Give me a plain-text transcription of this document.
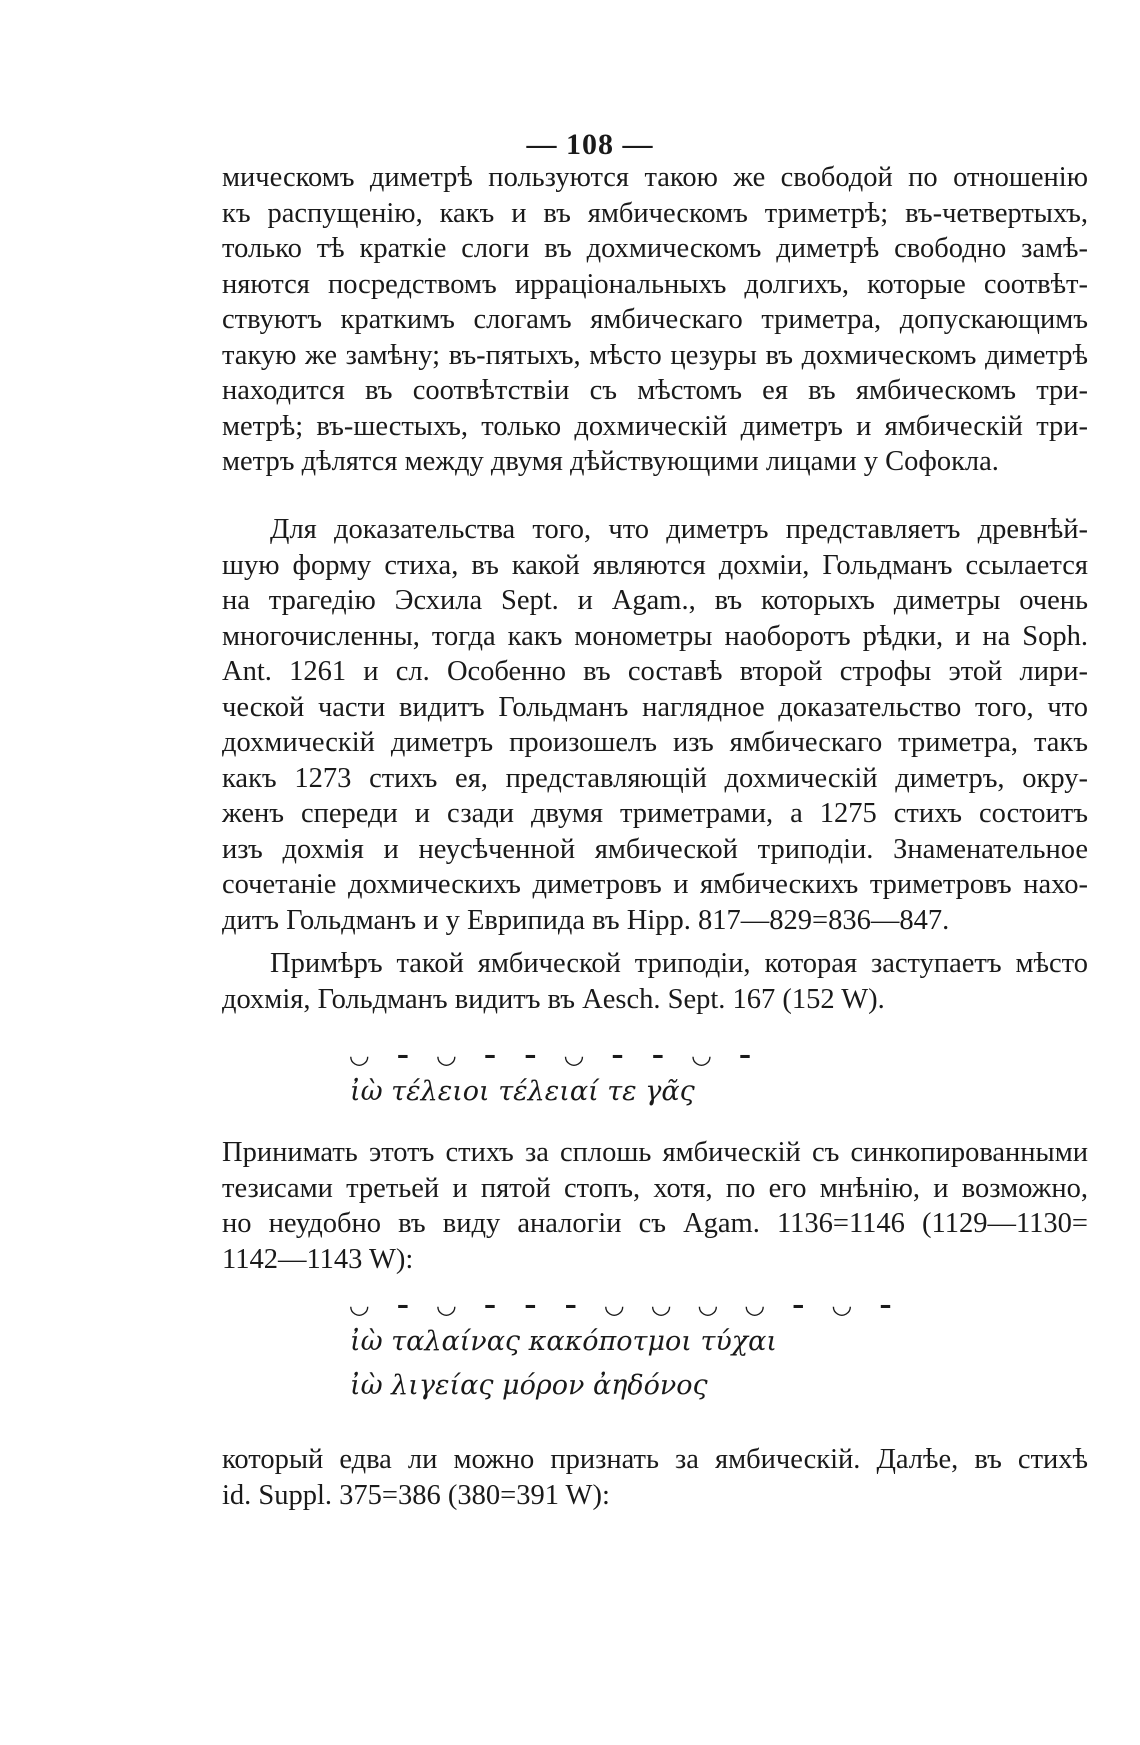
— 108 —
мическомъ диметрѣ пользуются такою же свободой по отношенію
къ распущенію, какъ и въ ямбическомъ триметрѣ; въ-четвертыхъ,
только тѣ краткіе слоги въ дохмическомъ диметрѣ свободно замѣ-
няются посредствомъ ирраціональныхъ долгихъ, которые соотвѣт-
ствуютъ краткимъ слогамъ ямбическаго триметра, допускающимъ
такую же замѣну; въ-пятыхъ, мѣсто цезуры въ дохмическомъ диметрѣ
находится въ соотвѣтствіи съ мѣстомъ ея въ ямбическомъ три-
метрѣ; въ-шестыхъ, только дохмическій диметръ и ямбическій три-
метръ дѣлятся между двумя дѣйствующими лицами у Софокла.
Для доказательства того, что диметръ представляетъ древнѣй-
шую форму стиха, въ какой являются дохміи, Гольдманъ ссылается
на трагедію Эсхила Sept. и Agam., въ которыхъ диметры очень
многочисленны, тогда какъ монометры наоборотъ рѣдки, и на Soph.
Ant. 1261 и сл. Особенно въ составѣ второй строфы этой лири-
ческой части видитъ Гольдманъ наглядное доказательство того, что
дохмическій диметръ произошелъ изъ ямбическаго триметра, такъ
какъ 1273 стихъ ея, представляющій дохмическій диметръ, окру-
женъ спереди и сзади двумя триметрами, а 1275 стихъ состоитъ
изъ дохмія и неусѣченной ямбической триподіи. Знаменательное
сочетаніе дохмическихъ диметровъ и ямбическихъ триметровъ нахо-
дитъ Гольдманъ и у Еврипида въ Hipp. 817—829=836—847.
Примѣръ такой ямбической триподіи, которая заступаетъ мѣсто
дохмія, Гольдманъ видитъ въ Aesch. Sept. 167 (152 W).
◡ – ◡ – – ◡ – – ◡ –
ἰὼ τέλειοι τέλειαί τε γᾶς
Принимать этотъ стихъ за сплошь ямбическій съ синкопированными
тезисами третьей и пятой стопъ, хотя, по его мнѣнію, и возможно,
но неудобно въ виду аналогіи съ Agam. 1136=1146 (1129—1130=
1142—1143 W):
◡ – ◡ – – – ◡ ◡ ◡ ◡ – ◡ –
ἰὼ ταλαίνας κακόποτμοι τύχαι
ἰὼ λιγείας μόρον ἀηδόνος
который едва ли можно признать за ямбическій. Далѣе, въ стихѣ
id. Suppl. 375=386 (380=391 W):
